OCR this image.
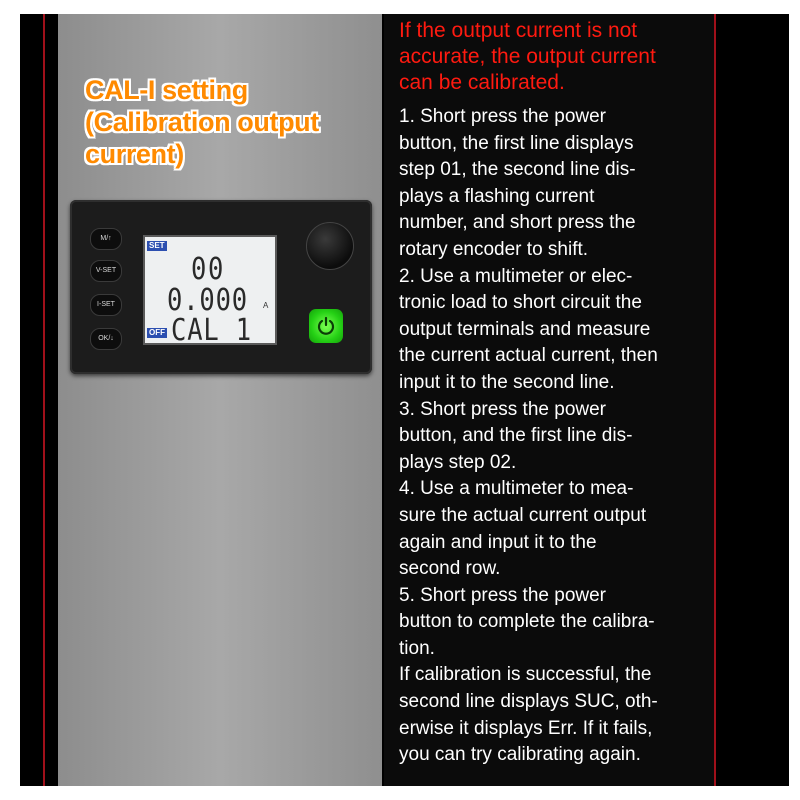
CAL-I setting
(Calibration output
current)
M/↑
V-SET
I-SET
OK/↓
SET
00
0.000 A
CAL 1
OFF
If the output current is not
accurate, the output current
can be calibrated.
1. Short press the power
button, the first line displays
step 01, the second line dis-
plays a flashing current
number, and short press the
rotary encoder to shift.
2. Use a multimeter or elec-
tronic load to short circuit the
output terminals and measure
the current actual current, then
input it to the second line.
3. Short press the power
button, and the first line dis-
plays step 02.
4. Use a multimeter to mea-
sure the actual current output
again and input it to the
second row.
5. Short press the power
button to complete the calibra-
tion.
If calibration is successful, the
second line displays SUC, oth-
erwise it displays Err. If it fails,
you can try calibrating again.
